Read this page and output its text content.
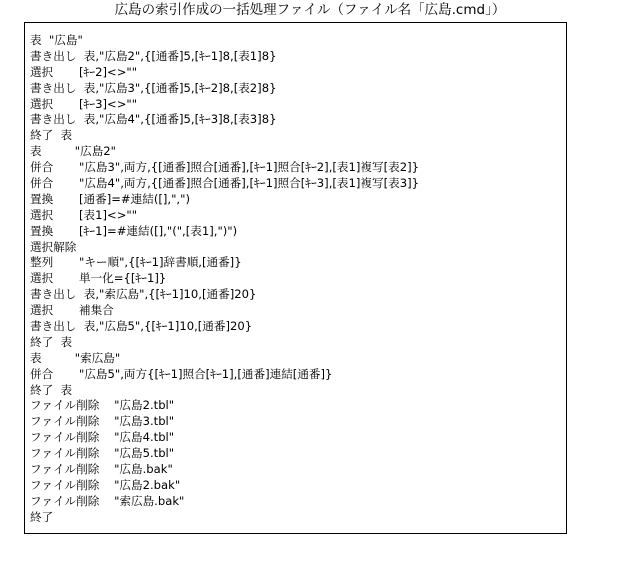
広島の索引作成の一括処理ファイル（ファイル名「広島.cmd」）
表  "広島"
書き出し  表,"広島2",{[通番]5,[ｷｰ1]8,[表1]8}
選択       [ｷｰ2]<>""
書き出し  表,"広島3",{[通番]5,[ｷｰ2]8,[表2]8}
選択       [ｷｰ3]<>""
書き出し  表,"広島4",{[通番]5,[ｷｰ3]8,[表3]8}
終了  表
表         "広島2"
併合       "広島3",両方,{[通番]照合[通番],[ｷｰ1]照合[ｷｰ2],[表1]複写[表2]}
併合       "広島4",両方,{[通番]照合[通番],[ｷｰ1]照合[ｷｰ3],[表1]複写[表3]}
置換       [通番]=#連結([],",")
選択       [表1]<>""
置換       [ｷｰ1]=#連結([],"(",[表1],")")
選択解除
整列       "キー順",{[ｷｰ1]辞書順,[通番]}
選択       単一化={[ｷｰ1]}
書き出し  表,"索広島",{[ｷｰ1]10,[通番]20}
選択       補集合
書き出し  表,"広島5",{[ｷｰ1]10,[通番]20}
終了  表
表         "索広島"
併合       "広島5",両方{[ｷｰ1]照合[ｷｰ1],[通番]連結[通番]}
終了  表
ファイル削除    "広島2.tbl"
ファイル削除    "広島3.tbl"
ファイル削除    "広島4.tbl"
ファイル削除    "広島5.tbl"
ファイル削除    "広島.bak"
ファイル削除    "広島2.bak"
ファイル削除    "索広島.bak"
終了
